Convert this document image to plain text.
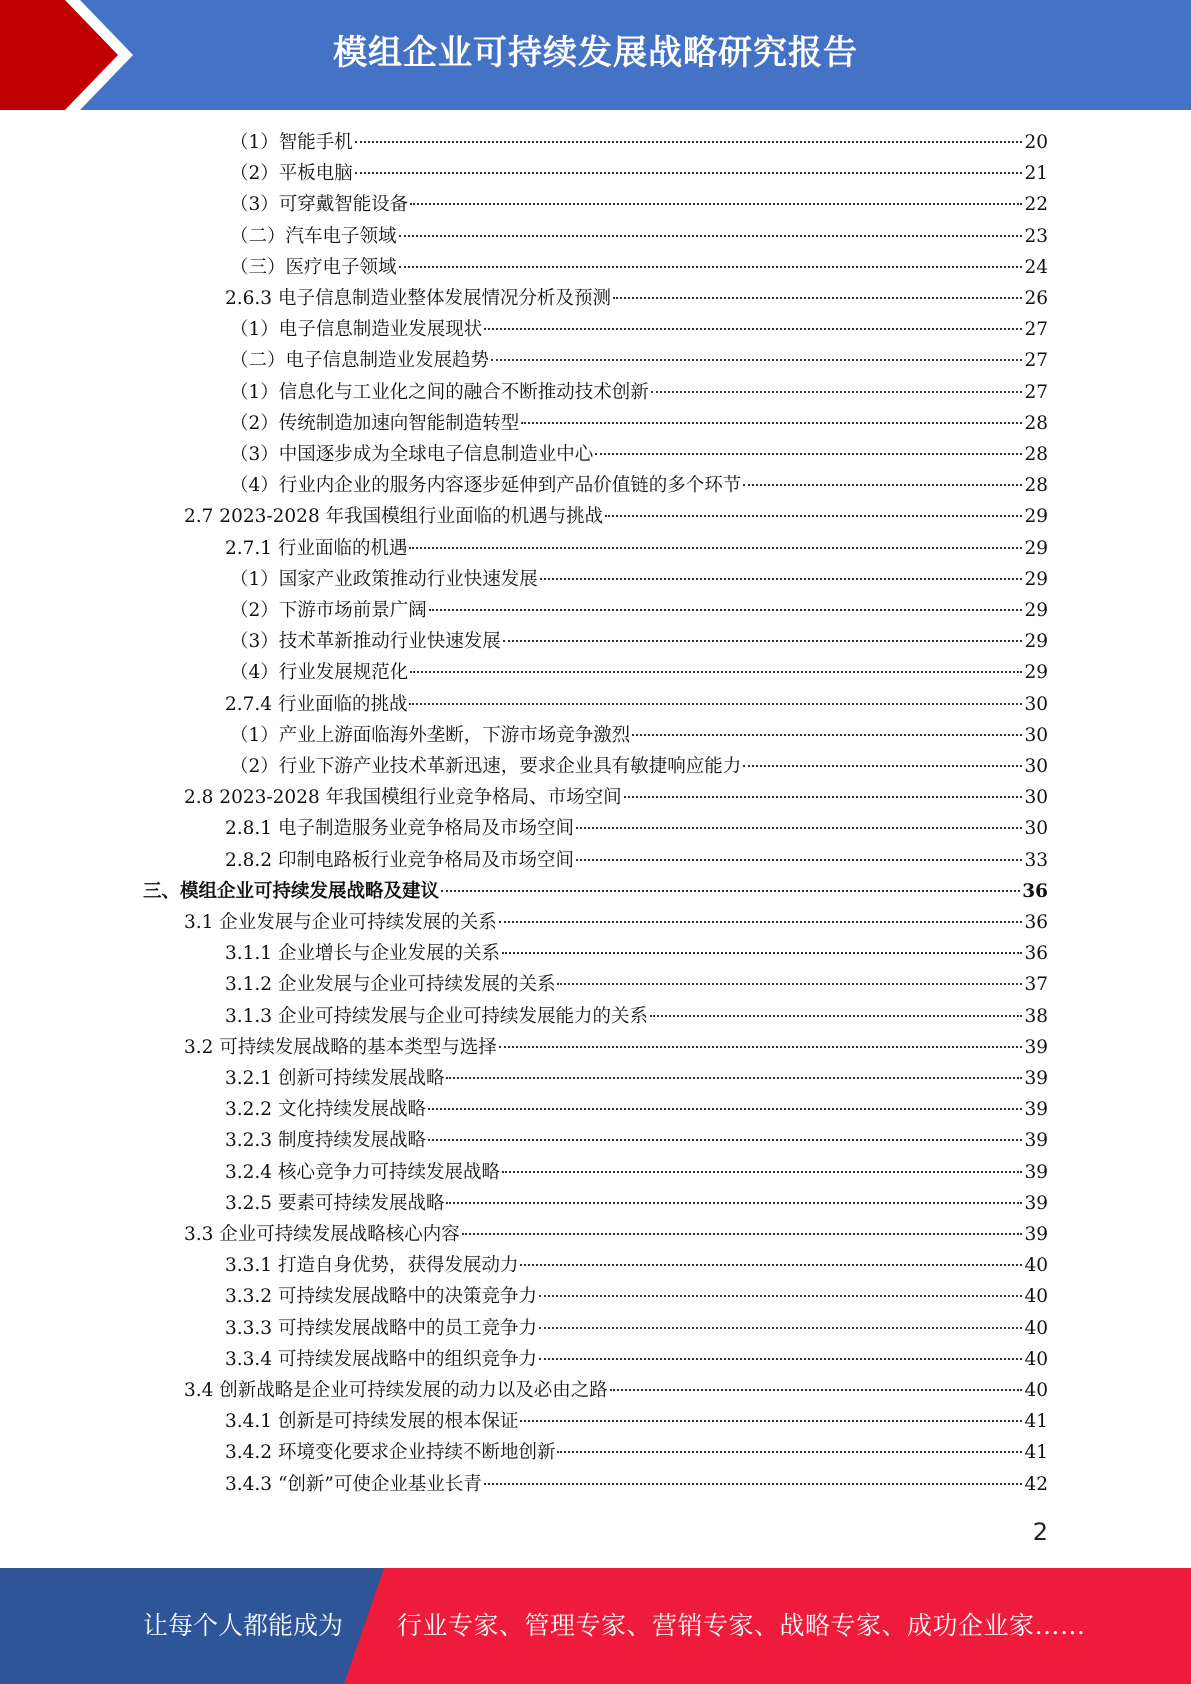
模组企业可持续发展战略研究报告
（1）智能手机	20
（2）平板电脑	21
（3）可穿戴智能设备	22
（二）汽车电子领域	23
（三）医疗电子领域	24
2.6.3 电子信息制造业整体发展情况分析及预测	26
（1）电子信息制造业发展现状	27
（二）电子信息制造业发展趋势	27
（1）信息化与工业化之间的融合不断推动技术创新	27
（2）传统制造加速向智能制造转型	28
（3）中国逐步成为全球电子信息制造业中心	28
（4）行业内企业的服务内容逐步延伸到产品价值链的多个环节	28
2.7 2023-2028 年我国模组行业面临的机遇与挑战	29
2.7.1 行业面临的机遇	29
（1）国家产业政策推动行业快速发展	29
（2）下游市场前景广阔	29
（3）技术革新推动行业快速发展	29
（4）行业发展规范化	29
2.7.4 行业面临的挑战	30
（1）产业上游面临海外垄断，下游市场竞争激烈	30
（2）行业下游产业技术革新迅速，要求企业具有敏捷响应能力	30
2.8 2023-2028 年我国模组行业竞争格局、市场空间	30
2.8.1 电子制造服务业竞争格局及市场空间	30
2.8.2 印制电路板行业竞争格局及市场空间	33
三、模组企业可持续发展战略及建议	36
3.1 企业发展与企业可持续发展的关系	36
3.1.1 企业增长与企业发展的关系	36
3.1.2 企业发展与企业可持续发展的关系	37
3.1.3 企业可持续发展与企业可持续发展能力的关系	38
3.2 可持续发展战略的基本类型与选择	39
3.2.1 创新可持续发展战略	39
3.2.2 文化持续发展战略	39
3.2.3 制度持续发展战略	39
3.2.4 核心竞争力可持续发展战略	39
3.2.5 要素可持续发展战略	39
3.3 企业可持续发展战略核心内容	39
3.3.1 打造自身优势，获得发展动力	40
3.3.2 可持续发展战略中的决策竞争力	40
3.3.3 可持续发展战略中的员工竞争力	40
3.3.4 可持续发展战略中的组织竞争力	40
3.4 创新战略是企业可持续发展的动力以及必由之路	40
3.4.1 创新是可持续发展的根本保证	41
3.4.2 环境变化要求企业持续不断地创新	41
3.4.3 “创新”可使企业基业长青	42
2
让每个人都能成为 行业专家、管理专家、营销专家、战略专家、成功企业家……
